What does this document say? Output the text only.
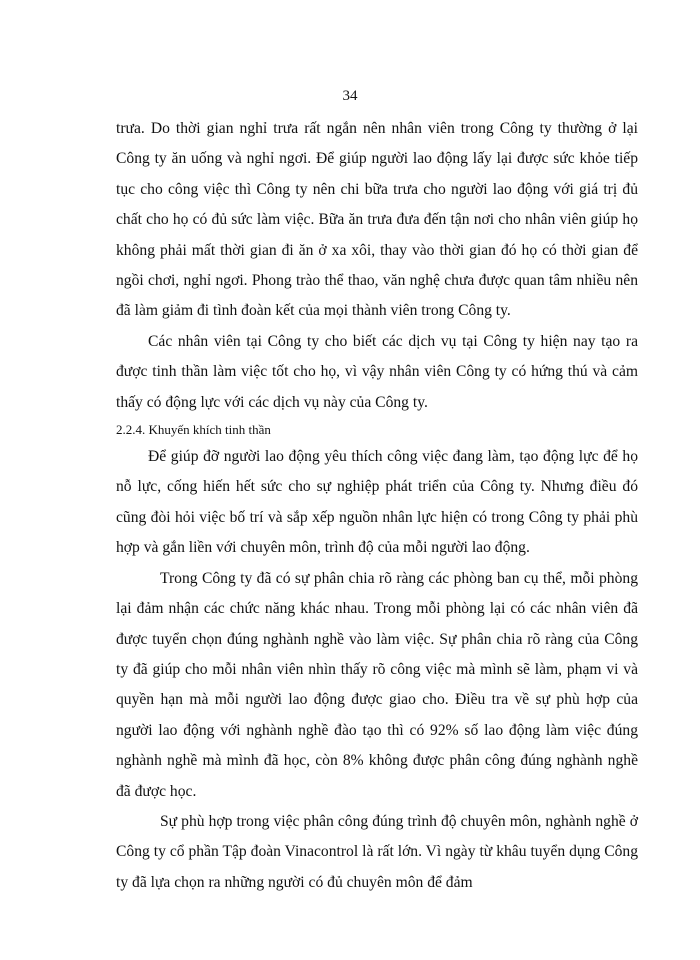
34

trưa. Do thời gian nghỉ trưa rất ngắn nên nhân viên trong Công ty thường ở lại Công ty ăn uống và nghỉ ngơi. Để giúp người lao động lấy lại được sức khỏe tiếp tục cho công việc thì Công ty nên chi bữa trưa cho người lao động với giá trị đủ chất cho họ có đủ sức làm việc. Bữa ăn trưa đưa đến tận nơi cho nhân viên giúp họ không phải mất thời gian đi ăn ở xa xôi, thay vào thời gian đó họ có thời gian để ngồi chơi, nghỉ ngơi. Phong trào thể thao, văn nghệ chưa được quan tâm nhiều nên đã làm giảm đi tình đoàn kết của mọi thành viên trong Công ty.

Các nhân viên tại Công ty cho biết các dịch vụ tại Công ty hiện nay tạo ra được tinh thần làm việc tốt cho họ, vì vậy nhân viên Công ty có hứng thú và cảm thấy có động lực với các dịch vụ này của Công ty.

2.2.4. Khuyến khích tinh thần

Để giúp đỡ người lao động yêu thích công việc đang làm, tạo động lực để họ nỗ lực, cống hiến hết sức cho sự nghiệp phát triển của Công ty. Nhưng điều đó cũng đòi hỏi việc bố trí và sắp xếp nguồn nhân lực hiện có trong Công ty phải phù hợp và gắn liền với chuyên môn, trình độ của mỗi người lao động.

Trong Công ty đã có sự phân chia rõ ràng các phòng ban cụ thể, mỗi phòng lại đảm nhận các chức năng khác nhau. Trong mỗi phòng lại có các nhân viên đã được tuyển chọn đúng nghành nghề vào làm việc. Sự phân chia rõ ràng của Công ty đã giúp cho mỗi nhân viên nhìn thấy rõ công việc mà mình sẽ làm, phạm vi và quyền hạn mà mỗi người lao động được giao cho. Điều tra về sự phù hợp của người lao động với nghành nghề đào tạo thì có 92% số lao động làm việc đúng nghành nghề mà mình đã học, còn 8% không được phân công đúng nghành nghề đã được học.

Sự phù hợp trong việc phân công đúng trình độ chuyên môn, nghành nghề ở Công ty cổ phần Tập đoàn Vinacontrol là rất lớn. Vì ngày từ khâu tuyển dụng Công ty đã lựa chọn ra những người có đủ chuyên môn để đảm
